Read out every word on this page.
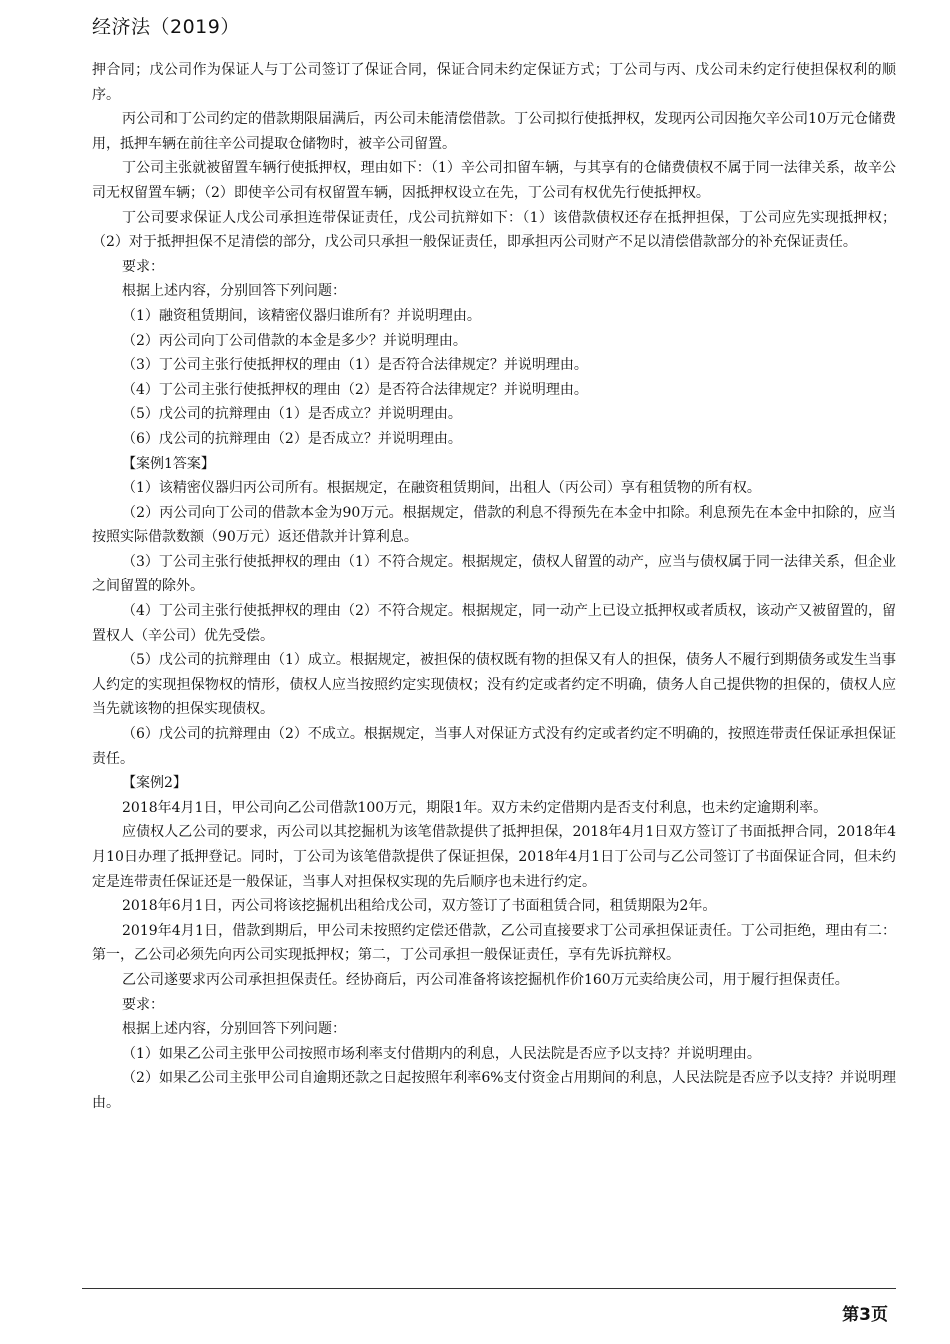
经济法（2019）

押合同；戊公司作为保证人与丁公司签订了保证合同，保证合同未约定保证方式；丁公司与丙、戊公司未约定行使担保权利的顺序。

丙公司和丁公司约定的借款期限届满后，丙公司未能清偿借款。丁公司拟行使抵押权，发现丙公司因拖欠辛公司10万元仓储费用，抵押车辆在前往辛公司提取仓储物时，被辛公司留置。

丁公司主张就被留置车辆行使抵押权，理由如下：（1）辛公司扣留车辆，与其享有的仓储费债权不属于同一法律关系，故辛公司无权留置车辆；（2）即使辛公司有权留置车辆，因抵押权设立在先，丁公司有权优先行使抵押权。

丁公司要求保证人戊公司承担连带保证责任，戊公司抗辩如下：（1）该借款债权还存在抵押担保，丁公司应先实现抵押权；（2）对于抵押担保不足清偿的部分，戊公司只承担一般保证责任，即承担丙公司财产不足以清偿借款部分的补充保证责任。

要求：

根据上述内容，分别回答下列问题：

（1）融资租赁期间，该精密仪器归谁所有？并说明理由。

（2）丙公司向丁公司借款的本金是多少？并说明理由。

（3）丁公司主张行使抵押权的理由（1）是否符合法律规定？并说明理由。

（4）丁公司主张行使抵押权的理由（2）是否符合法律规定？并说明理由。

（5）戊公司的抗辩理由（1）是否成立？并说明理由。

（6）戊公司的抗辩理由（2）是否成立？并说明理由。

【案例1答案】

（1）该精密仪器归丙公司所有。根据规定，在融资租赁期间，出租人（丙公司）享有租赁物的所有权。

（2）丙公司向丁公司的借款本金为90万元。根据规定，借款的利息不得预先在本金中扣除。利息预先在本金中扣除的，应当按照实际借款数额（90万元）返还借款并计算利息。

（3）丁公司主张行使抵押权的理由（1）不符合规定。根据规定，债权人留置的动产，应当与债权属于同一法律关系，但企业之间留置的除外。

（4）丁公司主张行使抵押权的理由（2）不符合规定。根据规定，同一动产上已设立抵押权或者质权，该动产又被留置的，留置权人（辛公司）优先受偿。

（5）戊公司的抗辩理由（1）成立。根据规定，被担保的债权既有物的担保又有人的担保，债务人不履行到期债务或发生当事人约定的实现担保物权的情形，债权人应当按照约定实现债权；没有约定或者约定不明确，债务人自己提供物的担保的，债权人应当先就该物的担保实现债权。

（6）戊公司的抗辩理由（2）不成立。根据规定，当事人对保证方式没有约定或者约定不明确的，按照连带责任保证承担保证责任。

【案例2】

2018年4月1日，甲公司向乙公司借款100万元，期限1年。双方未约定借期内是否支付利息，也未约定逾期利率。

应债权人乙公司的要求，丙公司以其挖掘机为该笔借款提供了抵押担保，2018年4月1日双方签订了书面抵押合同，2018年4月10日办理了抵押登记。同时，丁公司为该笔借款提供了保证担保，2018年4月1日丁公司与乙公司签订了书面保证合同，但未约定是连带责任保证还是一般保证，当事人对担保权实现的先后顺序也未进行约定。

2018年6月1日，丙公司将该挖掘机出租给戊公司，双方签订了书面租赁合同，租赁期限为2年。

2019年4月1日，借款到期后，甲公司未按照约定偿还借款，乙公司直接要求丁公司承担保证责任。丁公司拒绝，理由有二：第一，乙公司必须先向丙公司实现抵押权；第二，丁公司承担一般保证责任，享有先诉抗辩权。

乙公司遂要求丙公司承担担保责任。经协商后，丙公司准备将该挖掘机作价160万元卖给庚公司，用于履行担保责任。

要求：

根据上述内容，分别回答下列问题：

（1）如果乙公司主张甲公司按照市场利率支付借期内的利息，人民法院是否应予以支持？并说明理由。

（2）如果乙公司主张甲公司自逾期还款之日起按照年利率6%支付资金占用期间的利息，人民法院是否应予以支持？并说明理由。

第3页
